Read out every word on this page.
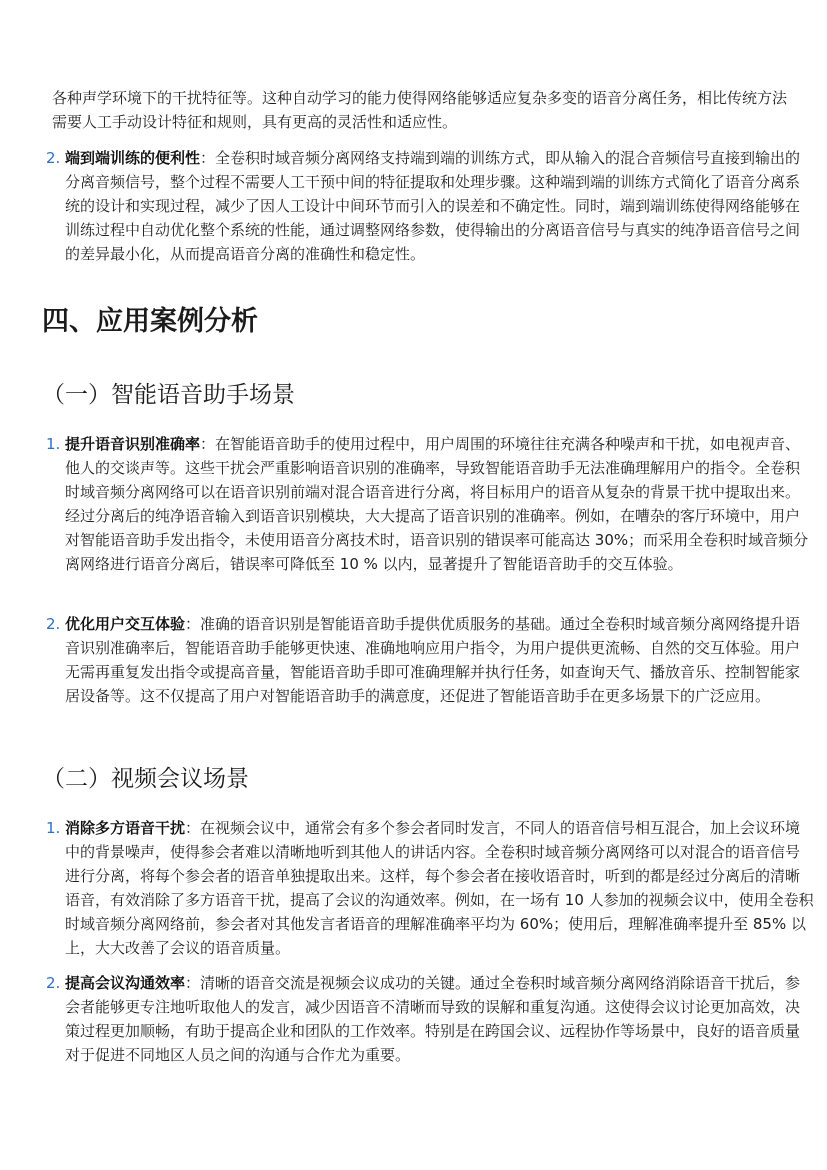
各种声学环境下的干扰特征等。这种自动学习的能力使得网络能够适应复杂多变的语音分离任务，相比传统方法需要人工手动设计特征和规则，具有更高的灵活性和适应性。

2. 端到端训练的便利性：全卷积时域音频分离网络支持端到端的训练方式，即从输入的混合音频信号直接到输出的分离音频信号，整个过程不需要人工干预中间的特征提取和处理步骤。这种端到端的训练方式简化了语音分离系统的设计和实现过程，减少了因人工设计中间环节而引入的误差和不确定性。同时，端到端训练使得网络能够在训练过程中自动优化整个系统的性能，通过调整网络参数，使得输出的分离语音信号与真实的纯净语音信号之间的差异最小化，从而提高语音分离的准确性和稳定性。
四、应用案例分析
（一）智能语音助手场景
1. 提升语音识别准确率：在智能语音助手的使用过程中，用户周围的环境往往充满各种噪声和干扰，如电视声音、他人的交谈声等。这些干扰会严重影响语音识别的准确率，导致智能语音助手无法准确理解用户的指令。全卷积时域音频分离网络可以在语音识别前端对混合语音进行分离，将目标用户的语音从复杂的背景干扰中提取出来。经过分离后的纯净语音输入到语音识别模块，大大提高了语音识别的准确率。例如，在嘈杂的客厅环境中，用户对智能语音助手发出指令，未使用语音分离技术时，语音识别的错误率可能高达 30%；而采用全卷积时域音频分离网络进行语音分离后，错误率可降低至 10 % 以内，显著提升了智能语音助手的交互体验。
2. 优化用户交互体验：准确的语音识别是智能语音助手提供优质服务的基础。通过全卷积时域音频分离网络提升语音识别准确率后，智能语音助手能够更快速、准确地响应用户指令，为用户提供更流畅、自然的交互体验。用户无需再重复发出指令或提高音量，智能语音助手即可准确理解并执行任务，如查询天气、播放音乐、控制智能家居设备等。这不仅提高了用户对智能语音助手的满意度，还促进了智能语音助手在更多场景下的广泛应用。
（二）视频会议场景
1. 消除多方语音干扰：在视频会议中，通常会有多个参会者同时发言，不同人的语音信号相互混合，加上会议环境中的背景噪声，使得参会者难以清晰地听到其他人的讲话内容。全卷积时域音频分离网络可以对混合的语音信号进行分离，将每个参会者的语音单独提取出来。这样，每个参会者在接收语音时，听到的都是经过分离后的清晰语音，有效消除了多方语音干扰，提高了会议的沟通效率。例如，在一场有 10 人参加的视频会议中，使用全卷积时域音频分离网络前，参会者对其他发言者语音的理解准确率平均为 60%；使用后，理解准确率提升至 85% 以上，大大改善了会议的语音质量。
2. 提高会议沟通效率：清晰的语音交流是视频会议成功的关键。通过全卷积时域音频分离网络消除语音干扰后，参会者能够更专注地听取他人的发言，减少因语音不清晰而导致的误解和重复沟通。这使得会议讨论更加高效，决策过程更加顺畅，有助于提高企业和团队的工作效率。特别是在跨国会议、远程协作等场景中，良好的语音质量对于促进不同地区人员之间的沟通与合作尤为重要。
